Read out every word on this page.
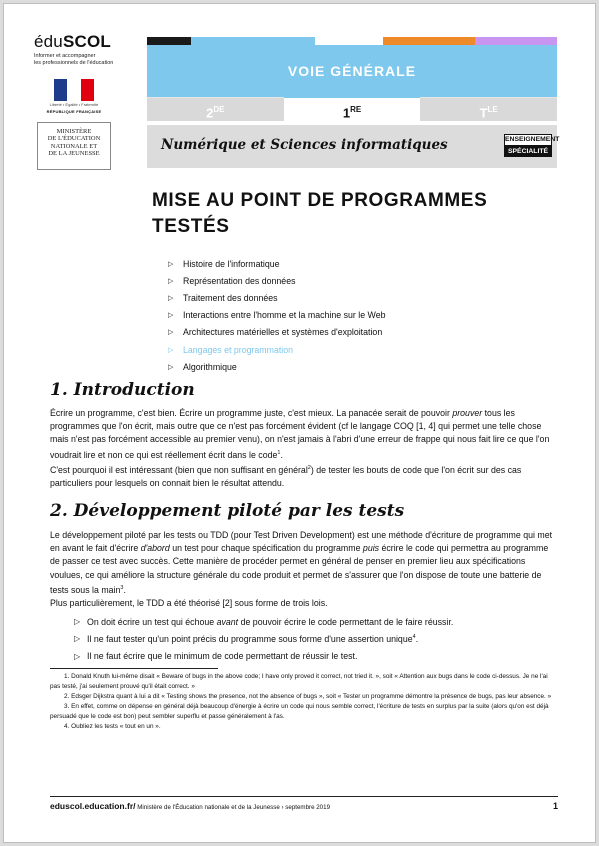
éduSCOL
Informer et accompagner
les professionnels de l'éducation
Liberté • Égalité • Fraternité
RÉPUBLIQUE FRANÇAISE
MINISTÈRE
DE L'ÉDUCATION
NATIONALE ET
DE LA JEUNESSE
VOIE GÉNÉRALE
2DE	1RE	$T^{LE}$
Numérique et Sciences informatiques	ENSEIGNEMENT
SPÉCIALITÉ
MISE AU POINT DE PROGRAMMES
TESTÉS
▷	Histoire de l'informatique
▷	Représentation des données
▷	Traitement des données
▷	Interactions entre l'homme et la machine sur le Web
▷	Architectures matérielles et systèmes d'exploitation
▷	Langages et programmation
▷	Algorithmique
1. Introduction
Écrire un programme, c'est bien. Écrire un programme juste, c'est mieux. La panacée serait de pouvoir prouver tous les programmes que l'on écrit, mais outre que ce n'est pas forcément évident (cf le langage COQ [1, 4] qui permet une telle chose mais n'est pas forcément accessible au premier venu), on n'est jamais à l'abri d'une erreur de frappe qui nous fait lire ce que l'on voudrait lire et non ce qui est réellement écrit dans le code$^1$.
C'est pourquoi il est intéressant (bien que non suffisant en général$^2$) de tester les bouts de code que l'on écrit sur des cas particuliers pour lesquels on connait bien le résultat attendu.
2. Développement piloté par les tests
Le développement piloté par les tests ou TDD (pour Test Driven Development) est une méthode d'écriture de programme qui met en avant le fait d'écrire d'abord un test pour chaque spécification du programme puis écrire le code qui permettra au programme de passer ce test avec succès. Cette manière de procéder permet en général de penser en premier lieu aux spécifications voulues, ce qui améliore la structure générale du code produit et permet de s'assurer que l'on dispose de toute une batterie de tests sous la main$^3$.
Plus particulièrement, le TDD a été théorisé [2] sous forme de trois lois.
▷ On doit écrire un test qui échoue avant de pouvoir écrire le code permettant de le faire réussir.
▷ Il ne faut tester qu'un point précis du programme sous forme d'une assertion unique$^4$.
▷ Il ne faut écrire que le minimum de code permettant de réussir le test.

1. Donald Knuth lui-même disait « Beware of bugs in the above code; I have only proved it correct, not tried it. », soit « Attention aux bugs dans le code ci-dessus. Je ne l'ai pas testé, j'ai seulement prouvé qu'il était correct. »

2. Edsger Dijkstra quant à lui a dit « Testing shows the presence, not the absence of bugs », soit « Tester un programme démontre la présence de bugs, pas leur absence. »

3. En effet, comme on dépense en général déjà beaucoup d'énergie à écrire un code qui nous semble correct, l'écriture de tests en surplus par la suite (alors qu'on est déjà persuadé que le code est bon) peut sembler superflu et passe généralement à l'as.

4. Oubliez les tests « tout en un ».

eduscol.education.fr/ Ministère de l'Éducation nationale et de la Jeunesse › septembre 2019	1
